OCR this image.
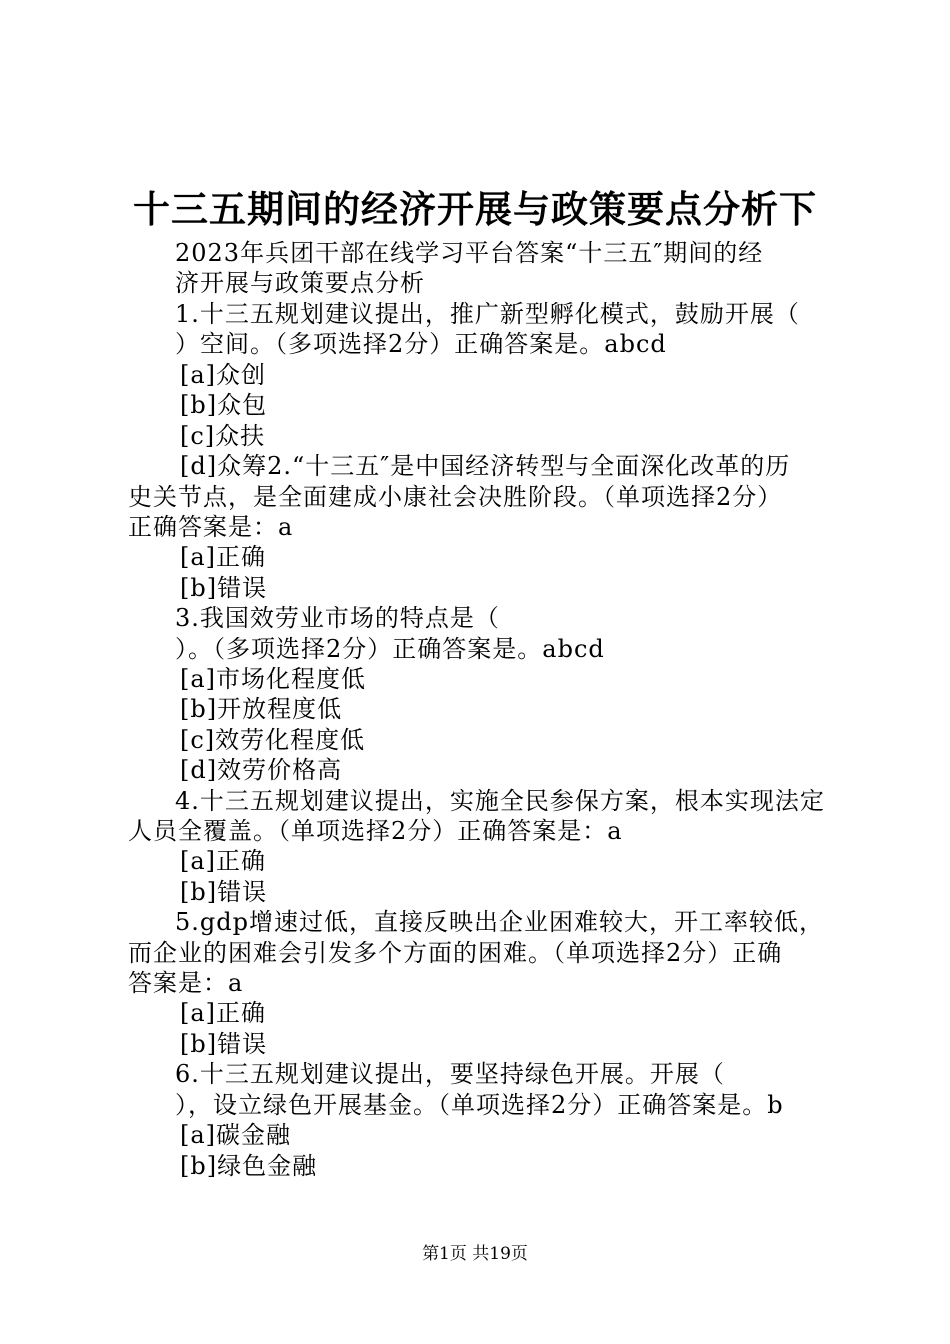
十三五期间的经济开展与政策要点分析下
2023年兵团干部在线学习平台答案“十三五″期间的经
济开展与政策要点分析
1.十三五规划建议提出，推广新型孵化模式，鼓励开展（
）空间。（多项选择2分）正确答案是。abcd
[a]众创
[b]众包
[c]众扶
[d]众筹2.“十三五″是中国经济转型与全面深化改革的历
史关节点，是全面建成小康社会决胜阶段。（单项选择2分）
正确答案是：a
[a]正确
[b]错误
3.我国效劳业市场的特点是（
）。（多项选择2分）正确答案是。abcd
[a]市场化程度低
[b]开放程度低
[c]效劳化程度低
[d]效劳价格高
4.十三五规划建议提出，实施全民参保方案，根本实现法定
人员全覆盖。（单项选择2分）正确答案是：a
[a]正确
[b]错误
5.gdp增速过低，直接反映出企业困难较大，开工率较低，
而企业的困难会引发多个方面的困难。（单项选择2分）正确
答案是：a
[a]正确
[b]错误
6.十三五规划建议提出，要坚持绿色开展。开展（
），设立绿色开展基金。（单项选择2分）正确答案是。b
[a]碳金融
[b]绿色金融
第1页 共19页
